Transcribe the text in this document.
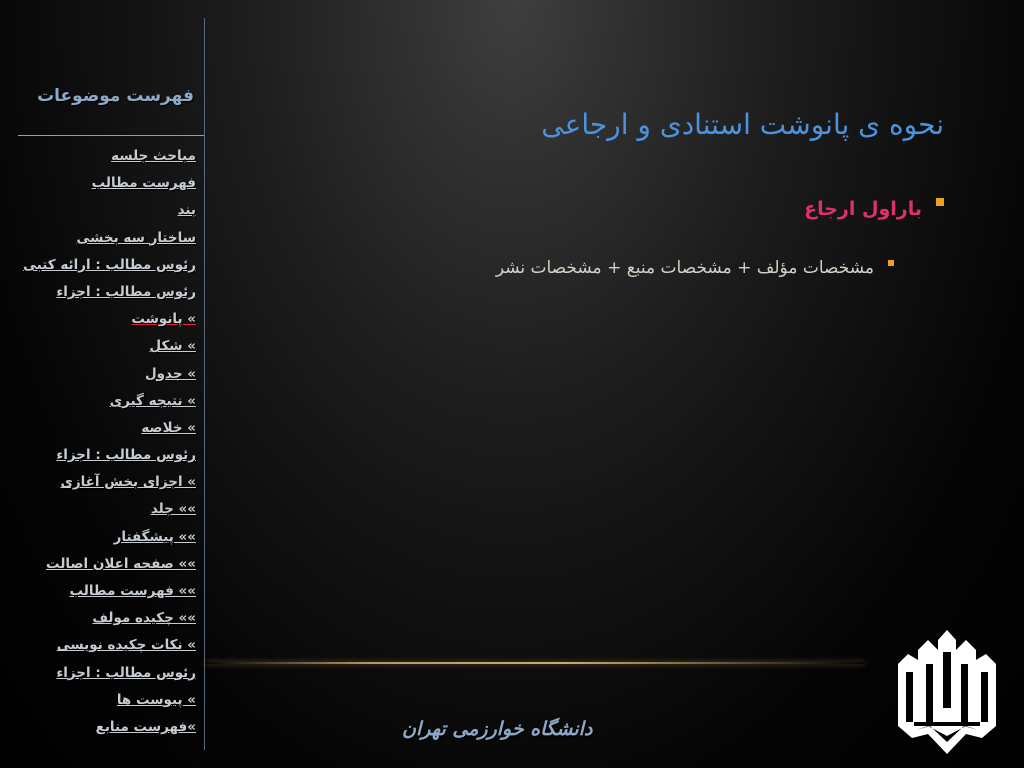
فهرست موضوعات
مباحث جلسه
فهرست مطالب
بند
ساختار سه بخشی
رئوس مطالب : ارائه کتبی
رئوس مطالب : اجزاء
» پانوشت
» شکل
» جدول
» نتیجه گیری
» خلاصه
رئوس مطالب : اجزاء
» اجزای بخش آغازی
»» جلد
»» پیشگفتار
»» صفحه اعلان اصالت
»» فهرست مطالب
»» چکیده مولف
» نکات چکیده نویسی
رئوس مطالب : اجزاء
» پیوست ها
»فهرست منابع
نحوه ی پانوشت استنادی و ارجاعی
باراول ارجاع
مشخصات مؤلف + مشخصات منبع + مشخصات نشر
دانشگاه خوارزمی تهران
